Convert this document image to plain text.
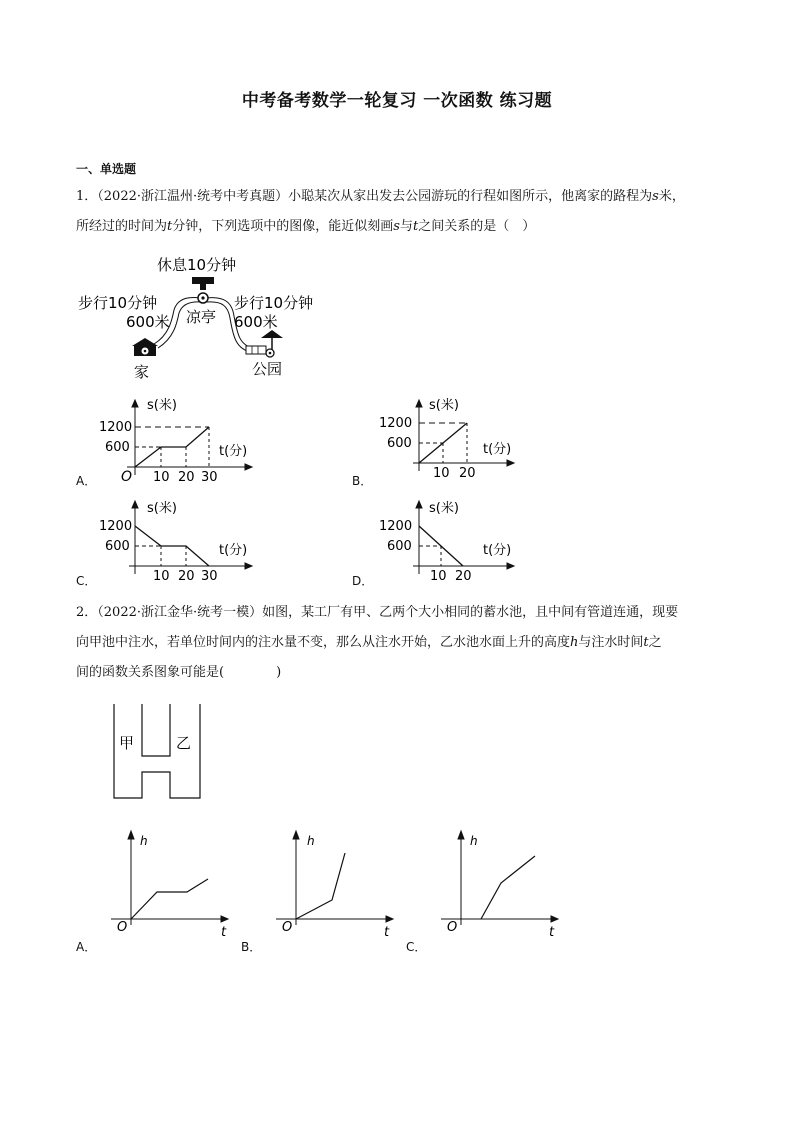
中考备考数学一轮复习 一次函数 练习题
一、单选题
1．（2022·浙江温州·统考中考真题）小聪某次从家出发去公园游玩的行程如图所示，他离家的路程为s米，
所经过的时间为t分钟，下列选项中的图像，能近似刻画s与t之间关系的是（　）
休息10分钟
步行10分钟
600米 凉亭
步行10分钟
600米
家	公园
A．
s(米)
t(分)
1200
600
O 10 20 30	B．
s(米)
t(分)
1200
600
10 20
C．
s(米)
t(分)
1200
600
10 20 30	D．
s(米)
t(分)
1200
600
10 20
2．（2022·浙江金华·统考一模）如图，某工厂有甲、乙两个大小相同的蓄水池，且中间有管道连通，现要
向甲池中注水，若单位时间内的注水量不变，那么从注水开始，乙水池水面上升的高度h与注水时间t之
间的函数关系图象可能是(　　　　)
甲	乙
A．
h
t
O
B．
h
t
O
C．
h
t
O
